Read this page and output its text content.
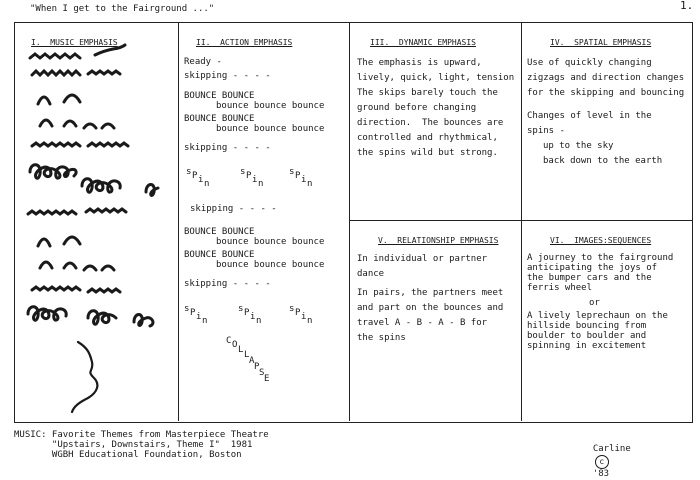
"When I get to the Fairground ..."	1.
I.  MUSIC EMPHASIS	II.  ACTION EMPHASIS
Ready -
skipping - - - -
BOUNCE BOUNCE
bounce bounce bounce
BOUNCE BOUNCE
bounce bounce bounce
skipping - - - -
s P i n
s P i n
s P i n
skipping - - - -
BOUNCE BOUNCE
bounce bounce bounce
BOUNCE BOUNCE
bounce bounce bounce
skipping - - - -
s P i n
s P i n
s P i n
C O L L
A
P
S
E
III.  DYNAMIC EMPHASIS
The emphasis is upward,
lively, quick, light, tension
The skips barely touch the
ground before changing
direction.  The bounces are
controlled and rhythmical,
the spins wild but strong.
IV.  SPATIAL EMPHASIS
Use of quickly changing
zigzags and direction changes
for the skipping and bouncing
Changes of level in the
spins -
up to the sky
back down to the earth
V.  RELATIONSHIP EMPHASIS
In individual or partner
dance
In pairs, the partners meet
and part on the bounces and
travel A - B - A - B for
the spins
VI.  IMAGES:SEQUENCES
A journey to the fairground
anticipating the joys of
the bumper cars and the
ferris wheel
or
A lively leprechaun on the
hillside bouncing from
boulder to boulder and
spinning in excitement
MUSIC: Favorite Themes from Masterpiece Theatre
"Upstairs, Downstairs, Theme I"  1981
WGBH Educational Foundation, Boston

Carline
c
'83
